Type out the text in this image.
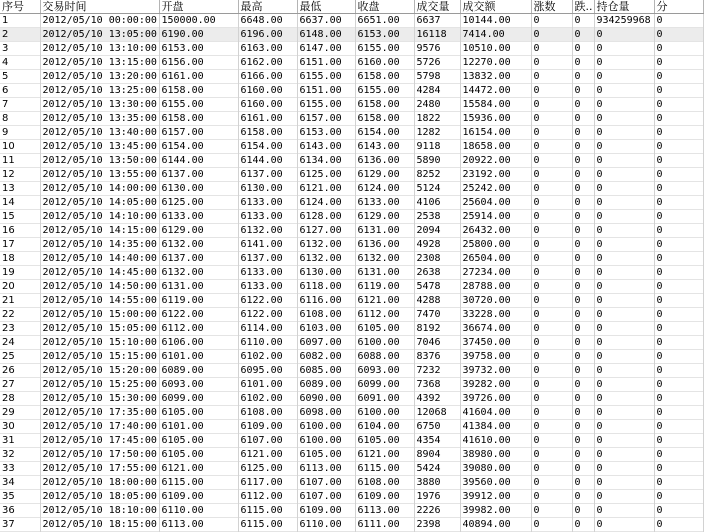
序号	交易时间	开盘	最高	最低	收盘	成交量	成交额	涨数	跌..	持仓量	分
1	2012/05/10 00:00:00	150000.00	6648.00	6637.00	6651.00	6637	10144.00	0	0	934259968	0
2	2012/05/10 13:05:00	6190.00	6196.00	6148.00	6153.00	16118	7414.00	0	0	0	0
3	2012/05/10 13:10:00	6153.00	6163.00	6147.00	6155.00	9576	10510.00	0	0	0	0
4	2012/05/10 13:15:00	6156.00	6162.00	6151.00	6160.00	5726	12270.00	0	0	0	0
5	2012/05/10 13:20:00	6161.00	6166.00	6155.00	6158.00	5798	13832.00	0	0	0	0
6	2012/05/10 13:25:00	6158.00	6160.00	6151.00	6155.00	4284	14472.00	0	0	0	0
7	2012/05/10 13:30:00	6155.00	6160.00	6155.00	6158.00	2480	15584.00	0	0	0	0
8	2012/05/10 13:35:00	6158.00	6161.00	6157.00	6158.00	1822	15936.00	0	0	0	0
9	2012/05/10 13:40:00	6157.00	6158.00	6153.00	6154.00	1282	16154.00	0	0	0	0
10	2012/05/10 13:45:00	6154.00	6154.00	6143.00	6143.00	9118	18658.00	0	0	0	0
11	2012/05/10 13:50:00	6144.00	6144.00	6134.00	6136.00	5890	20922.00	0	0	0	0
12	2012/05/10 13:55:00	6137.00	6137.00	6125.00	6129.00	8252	23192.00	0	0	0	0
13	2012/05/10 14:00:00	6130.00	6130.00	6121.00	6124.00	5124	25242.00	0	0	0	0
14	2012/05/10 14:05:00	6125.00	6133.00	6124.00	6133.00	4106	25604.00	0	0	0	0
15	2012/05/10 14:10:00	6133.00	6133.00	6128.00	6129.00	2538	25914.00	0	0	0	0
16	2012/05/10 14:15:00	6129.00	6132.00	6127.00	6131.00	2094	26432.00	0	0	0	0
17	2012/05/10 14:35:00	6132.00	6141.00	6132.00	6136.00	4928	25800.00	0	0	0	0
18	2012/05/10 14:40:00	6137.00	6137.00	6132.00	6132.00	2308	26504.00	0	0	0	0
19	2012/05/10 14:45:00	6132.00	6133.00	6130.00	6131.00	2638	27234.00	0	0	0	0
20	2012/05/10 14:50:00	6131.00	6133.00	6118.00	6119.00	5478	28788.00	0	0	0	0
21	2012/05/10 14:55:00	6119.00	6122.00	6116.00	6121.00	4288	30720.00	0	0	0	0
22	2012/05/10 15:00:00	6122.00	6122.00	6108.00	6112.00	7470	33228.00	0	0	0	0
23	2012/05/10 15:05:00	6112.00	6114.00	6103.00	6105.00	8192	36674.00	0	0	0	0
24	2012/05/10 15:10:00	6106.00	6110.00	6097.00	6100.00	7046	37450.00	0	0	0	0
25	2012/05/10 15:15:00	6101.00	6102.00	6082.00	6088.00	8376	39758.00	0	0	0	0
26	2012/05/10 15:20:00	6089.00	6095.00	6085.00	6093.00	7232	39732.00	0	0	0	0
27	2012/05/10 15:25:00	6093.00	6101.00	6089.00	6099.00	7368	39282.00	0	0	0	0
28	2012/05/10 15:30:00	6099.00	6102.00	6090.00	6091.00	4392	39726.00	0	0	0	0
29	2012/05/10 17:35:00	6105.00	6108.00	6098.00	6100.00	12068	41604.00	0	0	0	0
30	2012/05/10 17:40:00	6101.00	6109.00	6100.00	6104.00	6750	41384.00	0	0	0	0
31	2012/05/10 17:45:00	6105.00	6107.00	6100.00	6105.00	4354	41610.00	0	0	0	0
32	2012/05/10 17:50:00	6105.00	6121.00	6105.00	6121.00	8904	38980.00	0	0	0	0
33	2012/05/10 17:55:00	6121.00	6125.00	6113.00	6115.00	5424	39080.00	0	0	0	0
34	2012/05/10 18:00:00	6115.00	6117.00	6107.00	6108.00	3880	39560.00	0	0	0	0
35	2012/05/10 18:05:00	6109.00	6112.00	6107.00	6109.00	1976	39912.00	0	0	0	0
36	2012/05/10 18:10:00	6110.00	6115.00	6109.00	6113.00	2226	39982.00	0	0	0	0
37	2012/05/10 18:15:00	6113.00	6115.00	6110.00	6111.00	2398	40894.00	0	0	0	0
